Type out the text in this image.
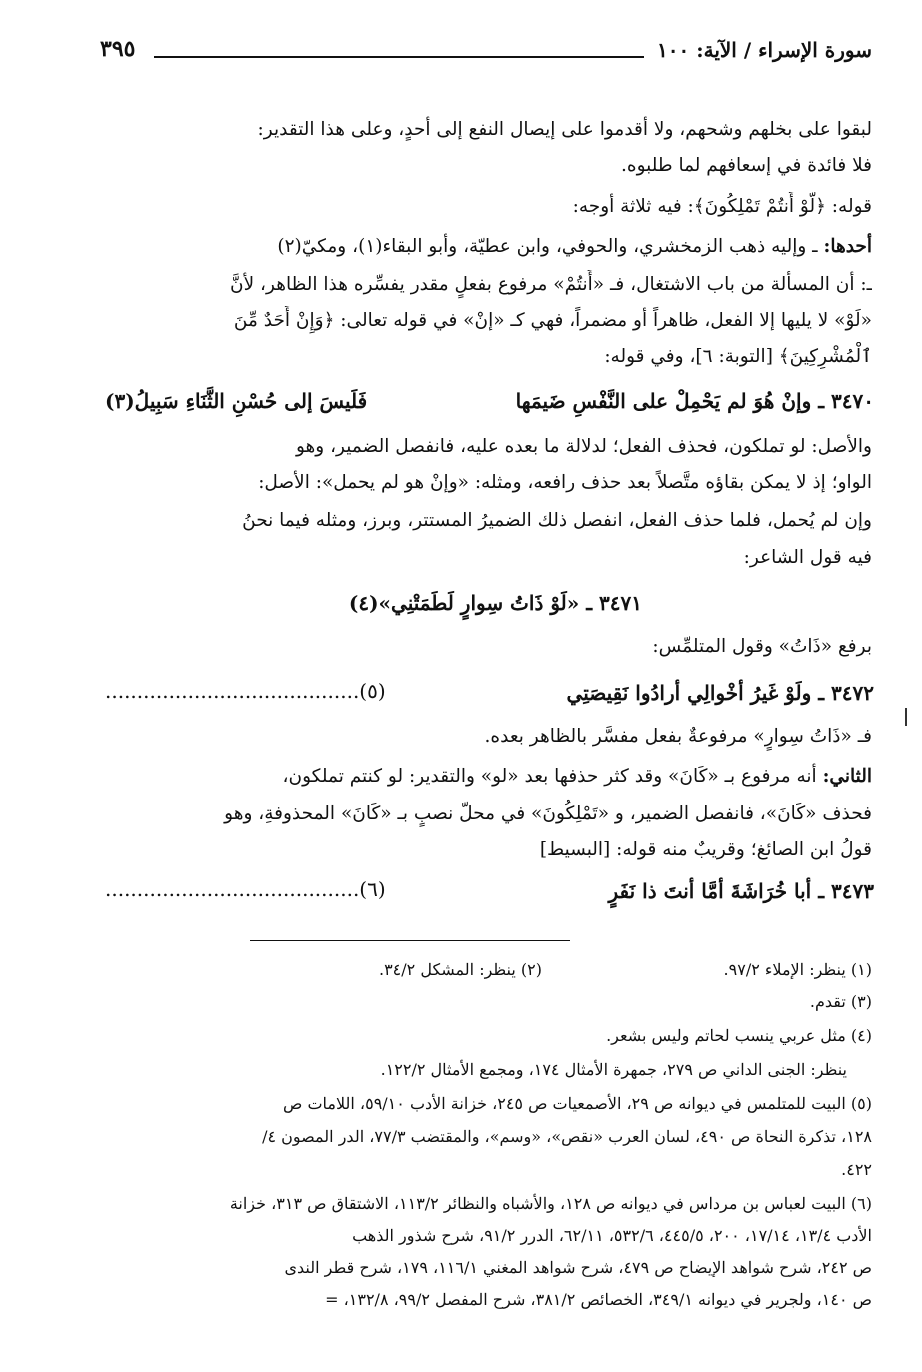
سورة الإسراء / الآية: ١٠٠
٣٩٥
لبقوا على بخلهم وشحهم، ولا أقدموا على إيصال النفع إلى أحدٍ، وعلى هذا التقدير:
فلا فائدة في إسعافهم لما طلبوه.
قوله: ﴿لَّوْ أَنتُمْ تَمْلِكُونَ﴾: فيه ثلاثة أوجه:
أحدها: ـ وإليه ذهب الزمخشري، والحوفي، وابن عطيّة، وأبو البقاء(١)، ومكيّ(٢)
ـ: أن المسألة من باب الاشتغال، فـ «أَنتُمْ» مرفوع بفعلٍ مقدر يفسِّره هذا الظاهر، لأنَّ
«لَوْ» لا يليها إلا الفعل، ظاهراً أو مضمراً، فهي كـ «إنْ» في قوله تعالى: ﴿وَإِنْ أَحَدٌ مِّنَ
ٱلْمُشْرِكِينَ﴾ [التوبة: ٦]، وفي قوله:
٣٤٧٠ ـ وإنْ هُوَ لم يَحْمِلْ على النَّفْسِ ضَيمَها
فَلَيسَ إلى حُسْنِ الثَّنَاءِ سَبِيلُ(٣)
والأصل: لو تملكون، فحذف الفعل؛ لدلالة ما بعده عليه، فانفصل الضمير، وهو
الواو؛ إذ لا يمكن بقاؤه متَّصلاً بعد حذف رافعه، ومثله: «وإنْ هو لم يحمل»: الأصل:
وإن لم يُحمل، فلما حذف الفعل، انفصل ذلك الضميرُ المستتر، وبرز، ومثله فيما نحنُ
فيه قول الشاعر:
٣٤٧١ ـ «لَوْ ذَاتُ سِوارٍ لَطَمَتْنِي»(٤)
برفع «ذَاتُ» وقول المتلمِّس:
٣٤٧٢ ـ ولَوْ غَيرُ أخْوالِي أرادُوا نَقِيصَتِي
(٥)........................................
فـ «ذَاتُ سِوارٍ» مرفوعةٌ بفعل مفسَّر بالظاهر بعده.
الثاني: أنه مرفوع بـ «كَانَ» وقد كثر حذفها بعد «لو» والتقدير: لو كنتم تملكون،
فحذف «كَانَ»، فانفصل الضمير، و «تَمْلِكُونَ» في محلّ نصبٍ بـ «كَانَ» المحذوفةِ، وهو
قولُ ابن الصائغ؛ وقريبٌ منه قوله: [البسيط]
٣٤٧٣ ـ أبا خُرَاشَةَ أمَّا أنتَ ذا نَفَرٍ
(٦)........................................
(١) ينظر: الإملاء ٩٧/٢.
(٢) ينظر: المشكل ٣٤/٢.
(٣) تقدم.
(٤) مثل عربي ينسب لحاتم وليس بشعر.
ينظر: الجنى الداني ص ٢٧٩، جمهرة الأمثال ١٧٤، ومجمع الأمثال ١٢٢/٢.
(٥) البيت للمتلمس في ديوانه ص ٢٩، الأصمعيات ص ٢٤٥، خزانة الأدب ٥٩/١٠، اللامات ص
١٢٨، تذكرة النحاة ص ٤٩٠، لسان العرب «نقص»، «وسم»، والمقتضب ٧٧/٣، الدر المصون ٤/
٤٢٢.
(٦) البيت لعباس بن مرداس في ديوانه ص ١٢٨، والأشباه والنظائر ١١٣/٢، الاشتقاق ص ٣١٣، خزانة
الأدب ١٣/٤، ١٧/١٤، ٢٠٠، ٤٤٥/٥، ٥٣٢/٦، ٦٢/١١، الدرر ٩١/٢، شرح شذور الذهب
ص ٢٤٢، شرح شواهد الإيضاح ص ٤٧٩، شرح شواهد المغني ١١٦/١، ١٧٩، شرح قطر الندى
ص ١٤٠، ولجرير في ديوانه ٣٤٩/١، الخصائص ٣٨١/٢، شرح المفصل ٩٩/٢، ١٣٢/٨، =
